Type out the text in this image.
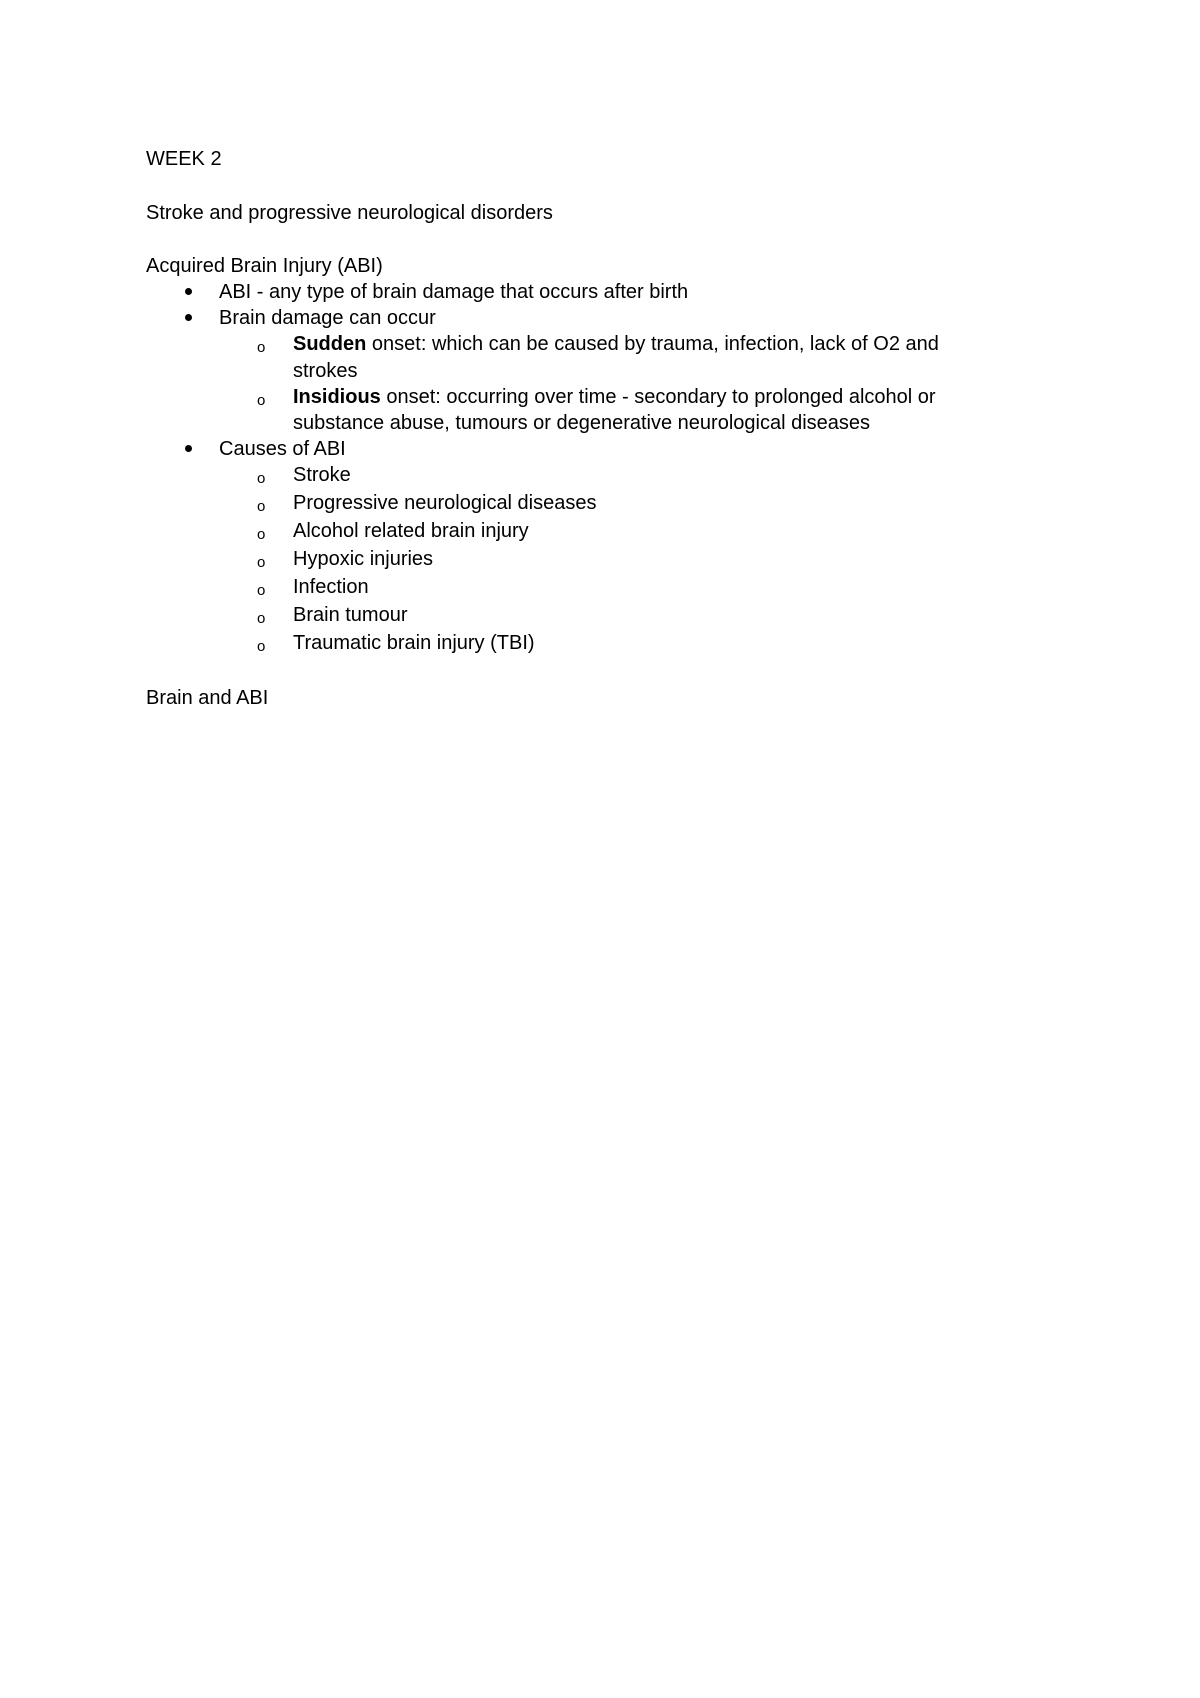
WEEK 2
Stroke and progressive neurological disorders
Acquired Brain Injury (ABI)
ABI - any type of brain damage that occurs after birth
Brain damage can occur
o Sudden onset: which can be caused by trauma, infection, lack of O2 and
strokes
o Insidious onset: occurring over time - secondary to prolonged alcohol or
substance abuse, tumours or degenerative neurological diseases
Causes of ABI
o Stroke
o Progressive neurological diseases
o Alcohol related brain injury
o Hypoxic injuries
o Infection
o Brain tumour
o Traumatic brain injury (TBI)
Brain and ABI
